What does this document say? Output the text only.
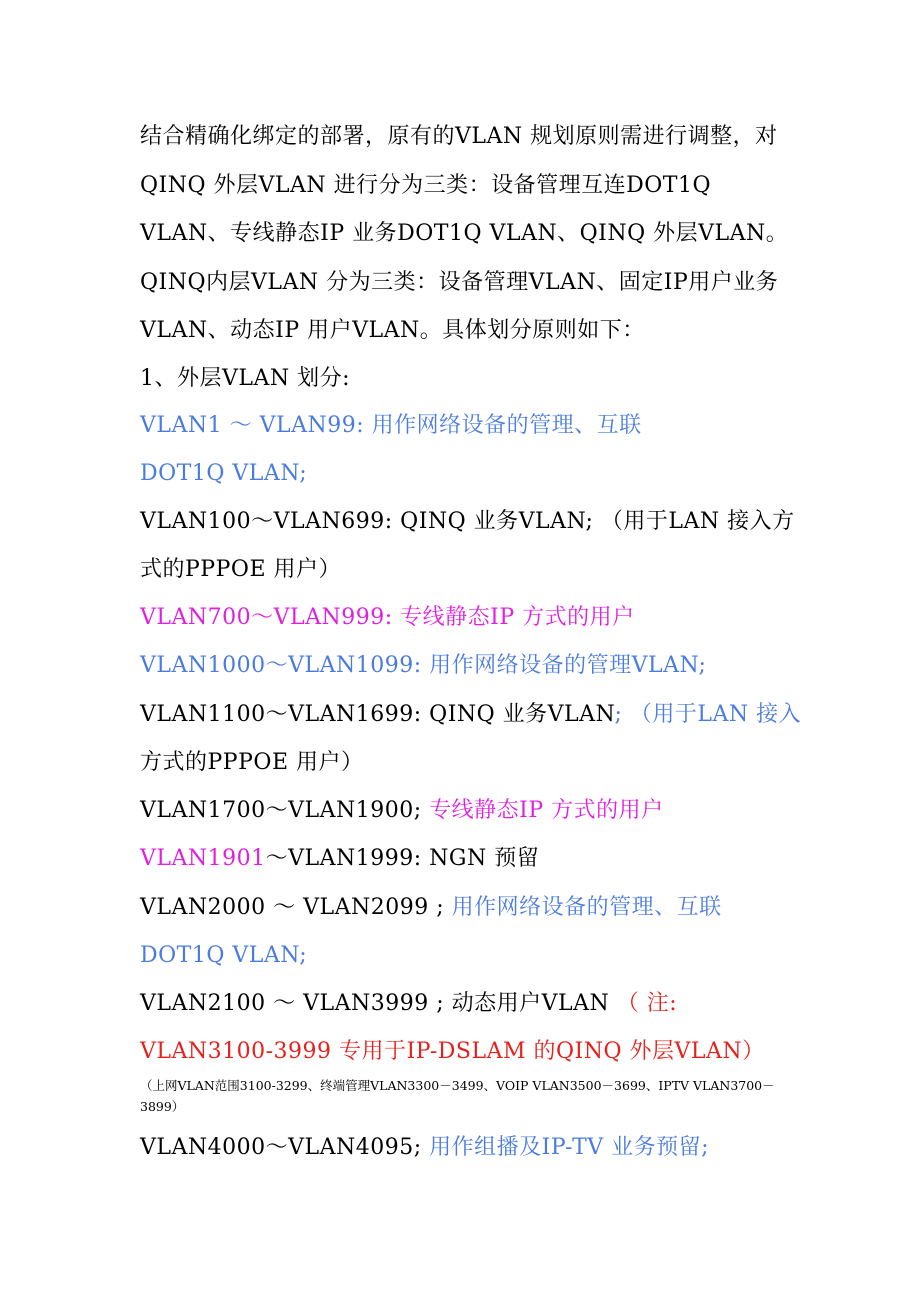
结合精确化绑定的部署，原有的VLAN 规划原则需进行调整，对QINQ 外层VLAN 进行分为三类：设备管理互连DOT1Q VLAN、专线静态IP 业务DOT1Q VLAN、QINQ 外层VLAN。 QINQ内层VLAN 分为三类：设备管理VLAN、固定IP用户业务VLAN、动态IP 用户VLAN。具体划分原则如下：
1、外层VLAN 划分:
VLAN1 ～ VLAN99: 用作网络设备的管理、互联
DOT1Q VLAN;
VLAN100～VLAN699: QINQ 业务VLAN; （用于LAN 接入方
式的PPPOE 用户）
VLAN700～VLAN999: 专线静态IP 方式的用户
VLAN1000～VLAN1099: 用作网络设备的管理VLAN;
VLAN1100～VLAN1699: QINQ 业务VLAN; （用于LAN 接入
方式的PPPOE 用户）
VLAN1700～VLAN1900; 专线静态IP 方式的用户
VLAN1901～VLAN1999: NGN 预留
VLAN2000 ～ VLAN2099 ; 用作网络设备的管理、互联
DOT1Q VLAN;
VLAN2100 ～ VLAN3999 ; 动态用户VLAN （ 注:
VLAN3100-3999 专用于IP-DSLAM 的QINQ 外层VLAN）
（上网VLAN范围3100-3299、终端管理VLAN3300－3499、VOIP VLAN3500－3699、IPTV VLAN3700－3899）
VLAN4000～VLAN4095; 用作组播及IP-TV 业务预留;
